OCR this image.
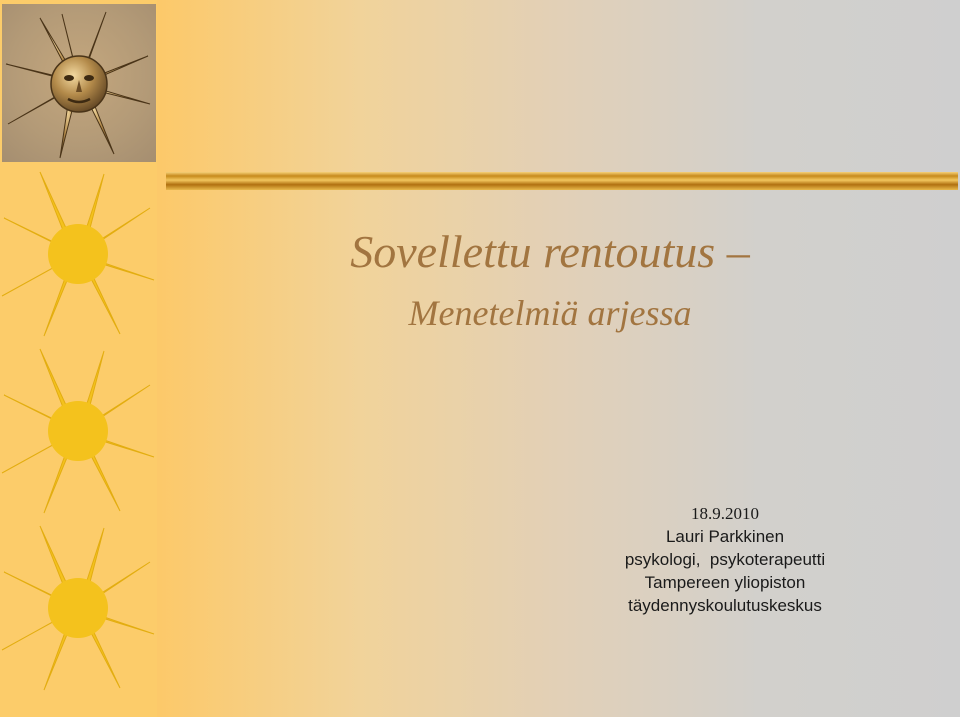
Sovellettu rentoutus –
Menetelmiä arjessa
18.9.2010
Lauri Parkkinen
psykologi,  psykoterapeutti
Tampereen yliopiston
täydennyskoulutuskeskus
